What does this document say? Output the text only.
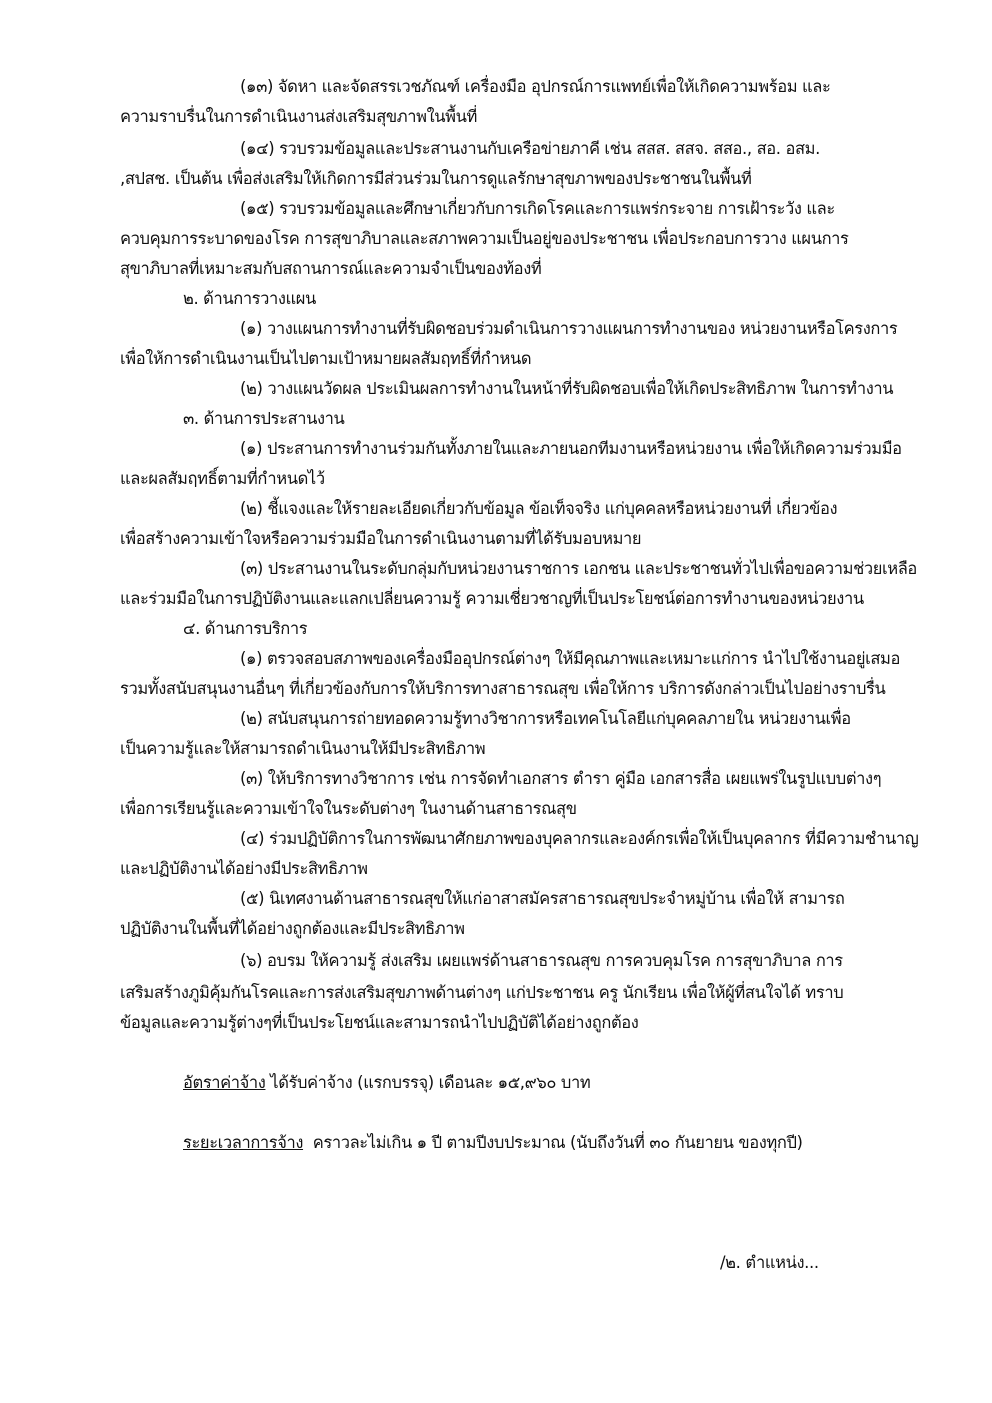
(๑๓) จัดหา และจัดสรรเวชภัณฑ์ เครื่องมือ อุปกรณ์การแพทย์เพื่อให้เกิดความพร้อม และ
ความราบรื่นในการดำเนินงานส่งเสริมสุขภาพในพื้นที่
(๑๔) รวบรวมข้อมูลและประสานงานกับเครือข่ายภาคี เช่น สสส. สสจ. สสอ., สอ. อสม.
,สปสช. เป็นต้น เพื่อส่งเสริมให้เกิดการมีส่วนร่วมในการดูแลรักษาสุขภาพของประชาชนในพื้นที่
(๑๕) รวบรวมข้อมูลและศึกษาเกี่ยวกับการเกิดโรคและการแพร่กระจาย การเฝ้าระวัง และ
ควบคุมการระบาดของโรค การสุขาภิบาลและสภาพความเป็นอยู่ของประชาชน เพื่อประกอบการวาง แผนการ
สุขาภิบาลที่เหมาะสมกับสถานการณ์และความจำเป็นของท้องที่
๒. ด้านการวางแผน
(๑) วางแผนการทำงานที่รับผิดชอบร่วมดำเนินการวางแผนการทำงานของ หน่วยงานหรือโครงการ
เพื่อให้การดำเนินงานเป็นไปตามเป้าหมายผลสัมฤทธิ์ที่กำหนด
(๒) วางแผนวัดผล ประเมินผลการทำงานในหน้าที่รับผิดชอบเพื่อให้เกิดประสิทธิภาพ ในการทำงาน
๓. ด้านการประสานงาน
(๑) ประสานการทำงานร่วมกันทั้งภายในและภายนอกทีมงานหรือหน่วยงาน เพื่อให้เกิดความร่วมมือ
และผลสัมฤทธิ์ตามที่กำหนดไว้
(๒) ชี้แจงและให้รายละเอียดเกี่ยวกับข้อมูล ข้อเท็จจริง แก่บุคคลหรือหน่วยงานที่ เกี่ยวข้อง
เพื่อสร้างความเข้าใจหรือความร่วมมือในการดำเนินงานตามที่ได้รับมอบหมาย
(๓) ประสานงานในระดับกลุ่มกับหน่วยงานราชการ เอกชน และประชาชนทั่วไปเพื่อขอความช่วยเหลือ
และร่วมมือในการปฏิบัติงานและแลกเปลี่ยนความรู้ ความเชี่ยวชาญที่เป็นประโยชน์ต่อการทำงานของหน่วยงาน
๔. ด้านการบริการ
(๑) ตรวจสอบสภาพของเครื่องมืออุปกรณ์ต่างๆ ให้มีคุณภาพและเหมาะแก่การ นำไปใช้งานอยู่เสมอ
รวมทั้งสนับสนุนงานอื่นๆ ที่เกี่ยวข้องกับการให้บริการทางสาธารณสุข เพื่อให้การ บริการดังกล่าวเป็นไปอย่างราบรื่น
(๒) สนับสนุนการถ่ายทอดความรู้ทางวิชาการหรือเทคโนโลยีแก่บุคคลภายใน หน่วยงานเพื่อ
เป็นความรู้และให้สามารถดำเนินงานให้มีประสิทธิภาพ
(๓) ให้บริการทางวิชาการ เช่น การจัดทำเอกสาร ตำรา คู่มือ เอกสารสื่อ เผยแพร่ในรูปแบบต่างๆ
เพื่อการเรียนรู้และความเข้าใจในระดับต่างๆ ในงานด้านสาธารณสุข
(๔) ร่วมปฏิบัติการในการพัฒนาศักยภาพของบุคลากรและองค์กรเพื่อให้เป็นบุคลากร ที่มีความชำนาญ
และปฏิบัติงานได้อย่างมีประสิทธิภาพ
(๕) นิเทศงานด้านสาธารณสุขให้แก่อาสาสมัครสาธารณสุขประจำหมู่บ้าน เพื่อให้ สามารถ
ปฏิบัติงานในพื้นที่ได้อย่างถูกต้องและมีประสิทธิภาพ
(๖) อบรม ให้ความรู้ ส่งเสริม เผยแพร่ด้านสาธารณสุข การควบคุมโรค การสุขาภิบาล การ
เสริมสร้างภูมิคุ้มกันโรคและการส่งเสริมสุขภาพด้านต่างๆ แก่ประชาชน ครู นักเรียน เพื่อให้ผู้ที่สนใจได้ ทราบ
ข้อมูลและความรู้ต่างๆที่เป็นประโยชน์และสามารถนำไปปฏิบัติได้อย่างถูกต้อง
อัตราค่าจ้าง ได้รับค่าจ้าง (แรกบรรจุ) เดือนละ ๑๕,๙๖๐ บาท
ระยะเวลาการจ้าง  คราวละไม่เกิน ๑ ปี ตามปีงบประมาณ (นับถึงวันที่ ๓๐ กันยายน ของทุกปี)
/๒. ตำแหน่ง...
